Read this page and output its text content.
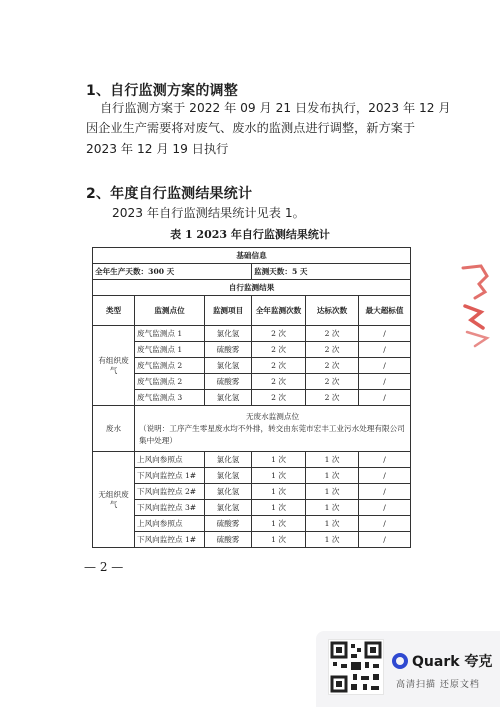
1、自行监测方案的调整
自行监测方案于 2022 年 09 月 21 日发布执行，2023 年 12 月
因企业生产需要将对废气、废水的监测点进行调整，新方案于
2023 年 12 月 19 日执行
2、年度自行监测结果统计
2023 年自行监测结果统计见表 1。
表 1 2023 年自行监测结果统计
基础信息					
全年生产天数：300 天			监测天数：5 天		
自行监测结果					
类型	监测点位	监测项目	全年监测次数	达标次数	最大超标值
有组织废气	废气监测点 1	氯化氢	2 次	2 次	/
	废气监测点 1	硫酸雾	2 次	2 次	/
	废气监测点 2	氯化氢	2 次	2 次	/
	废气监测点 2	硫酸雾	2 次	2 次	/
	废气监测点 3	氯化氢	2 次	2 次	/
废水	无废水监测点位
（说明：工序产生零星废水均不外排，转交由东莞市宏丰工业污水处理有限公司集中处理）				

无组织废气	上风向参照点	氯化氢	1 次	1 次	/
	下风向监控点 1#	氯化氢	1 次	1 次	/
	下风向监控点 2#	氯化氢	1 次	1 次	/
	下风向监控点 3#	氯化氢	1 次	1 次	/
	上风向参照点	硫酸雾	1 次	1 次	/
	下风向监控点 1#	硫酸雾	1 次	1 次	/
— 2 —
Quark 夸克
高清扫描 还原文档
